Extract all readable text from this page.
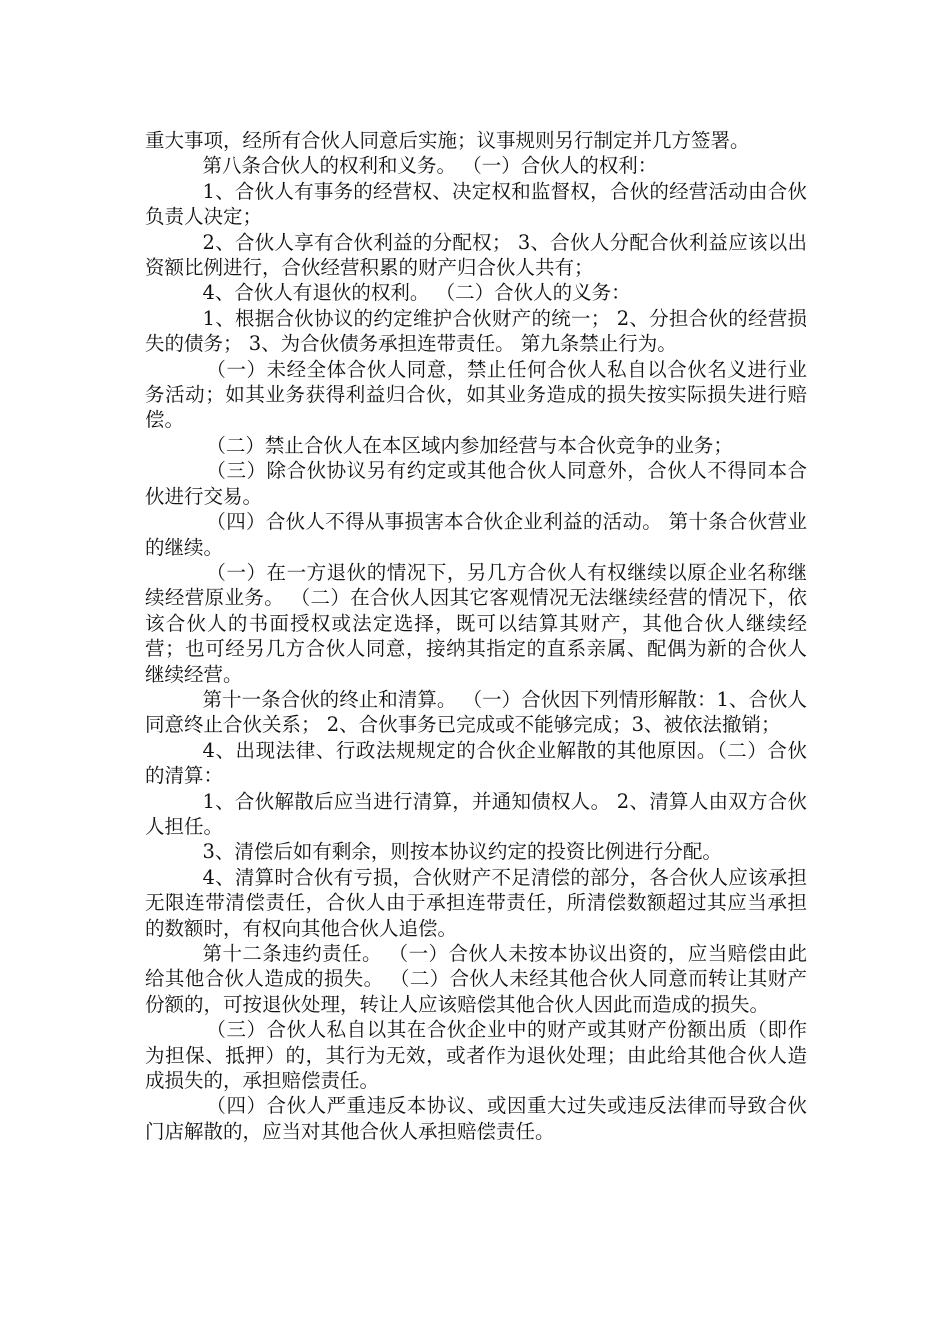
重大事项，经所有合伙人同意后实施；议事规则另行制定并几方签署。

第八条合伙人的权利和义务。 （一）合伙人的权利：

1、合伙人有事务的经营权、决定权和监督权，合伙的经营活动由合伙负责人决定；

2、合伙人享有合伙利益的分配权； 3、合伙人分配合伙利益应该以出资额比例进行，合伙经营积累的财产归合伙人共有；

4、合伙人有退伙的权利。 （二）合伙人的义务：

1、根据合伙协议的约定维护合伙财产的统一； 2、分担合伙的经营损失的债务； 3、为合伙债务承担连带责任。 第九条禁止行为。

（一）未经全体合伙人同意，禁止任何合伙人私自以合伙名义进行业务活动；如其业务获得利益归合伙，如其业务造成的损失按实际损失进行赔偿。

（二）禁止合伙人在本区域内参加经营与本合伙竞争的业务；

（三）除合伙协议另有约定或其他合伙人同意外，合伙人不得同本合伙进行交易。

（四）合伙人不得从事损害本合伙企业利益的活动。 第十条合伙营业的继续。

（一）在一方退伙的情况下，另几方合伙人有权继续以原企业名称继续经营原业务。 （二）在合伙人因其它客观情况无法继续经营的情况下，依该合伙人的书面授权或法定选择，既可以结算其财产，其他合伙人继续经营；也可经另几方合伙人同意，接纳其指定的直系亲属、配偶为新的合伙人继续经营。

第十一条合伙的终止和清算。 （一）合伙因下列情形解散：1、合伙人同意终止合伙关系； 2、合伙事务已完成或不能够完成；3、被依法撤销；

4、出现法律、行政法规规定的合伙企业解散的其他原因。（二）合伙的清算：

1、合伙解散后应当进行清算，并通知债权人。 2、清算人由双方合伙人担任。

3、清偿后如有剩余，则按本协议约定的投资比例进行分配。

4、清算时合伙有亏损，合伙财产不足清偿的部分，各合伙人应该承担无限连带清偿责任，合伙人由于承担连带责任，所清偿数额超过其应当承担的数额时，有权向其他合伙人追偿。

第十二条违约责任。 （一）合伙人未按本协议出资的，应当赔偿由此给其他合伙人造成的损失。 （二）合伙人未经其他合伙人同意而转让其财产份额的，可按退伙处理，转让人应该赔偿其他合伙人因此而造成的损失。

（三）合伙人私自以其在合伙企业中的财产或其财产份额出质（即作为担保、抵押）的，其行为无效，或者作为退伙处理；由此给其他合伙人造成损失的，承担赔偿责任。

（四）合伙人严重违反本协议、或因重大过失或违反法律而导致合伙门店解散的，应当对其他合伙人承担赔偿责任。
